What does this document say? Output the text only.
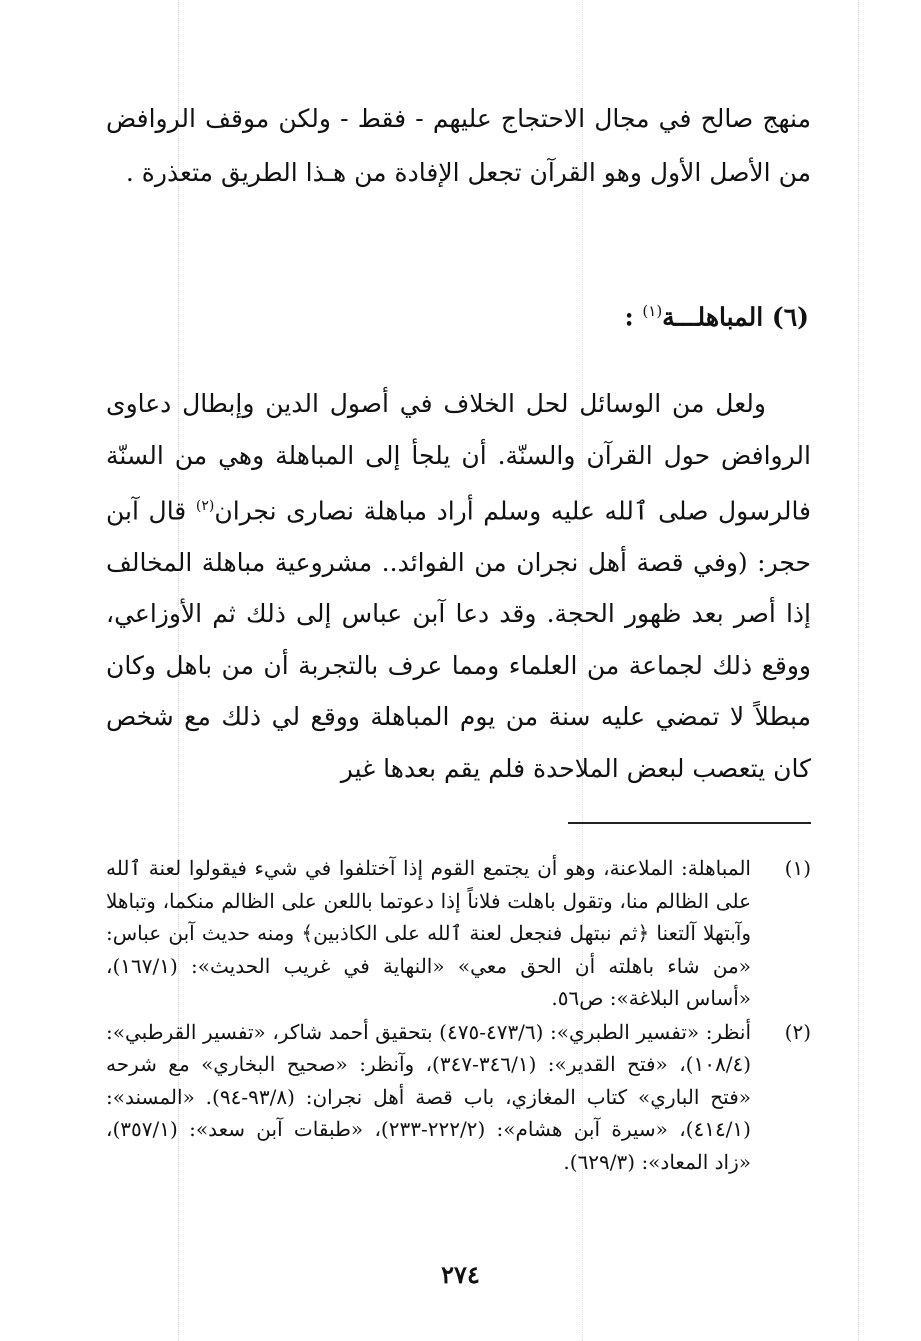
منهج صالح في مجال الاحتجاج عليهم - فقط - ولكن موقف الروافض من الأصل الأول وهو القرآن تجعل الإفادة من هـذا الطريق متعذرة .

(٦) المباهلـــة$^{(١)}$ :

ولعل من الوسائل لحل الخلاف في أصول الدين وإبطال دعاوى الروافض حول القرآن والسنّة. أن يلجأ إلى المباهلة وهي من السنّة فالرسول صلى ٱلله عليه وسلم أراد مباهلة نصارى نجران$^{(٢)}$ قال آبن حجر: (وفي قصة أهل نجران من الفوائد.. مشروعية مباهلة المخالف إذا أصر بعد ظهور الحجة. وقد دعا آبن عباس إلى ذلك ثم الأوزاعي، ووقع ذلك لجماعة من العلماء ومما عرف بالتجربة أن من باهل وكان مبطلاً لا تمضي عليه سنة من يوم المباهلة ووقع لي ذلك مع شخص كان يتعصب لبعض الملاحدة فلم يقم بعدها غير

(١)
المباهلة: الملاعنة، وهو أن يجتمع القوم إذا آختلفوا في شيء فيقولوا لعنة ٱلله على الظالم منا، وتقول باهلت فلاناً إذا دعوتما باللعن على الظالم منكما، وتباهلا وآبتهلا آلتعنا ﴿ثم نبتهل فنجعل لعنة ٱلله على الكاذبين﴾ ومنه حديث آبن عباس: «من شاء باهلته أن الحق معي» «النهاية في غريب الحديث»: (١٦٧/١)، «أساس البلاغة»: ص٥٦.
(٢)
أنظر: «تفسير الطبري»: (٤٧٣/٦-٤٧٥) بتحقيق أحمد شاكر، «تفسير القرطبي»: (١٠٨/٤)، «فتح القدير»: (٣٤٦/١-٣٤٧)، وآنظر: «صحيح البخاري» مع شرحه «فتح الباري» كتاب المغازي، باب قصة أهل نجران: (٩٣/٨-٩٤). «المسند»: (٤١٤/١)، «سيرة آبن هشام»: (٢٢٢/٢-٢٣٣)، «طبقات آبن سعد»: (٣٥٧/١)، «زاد المعاد»: (٦٢٩/٣).
٢٧٤
